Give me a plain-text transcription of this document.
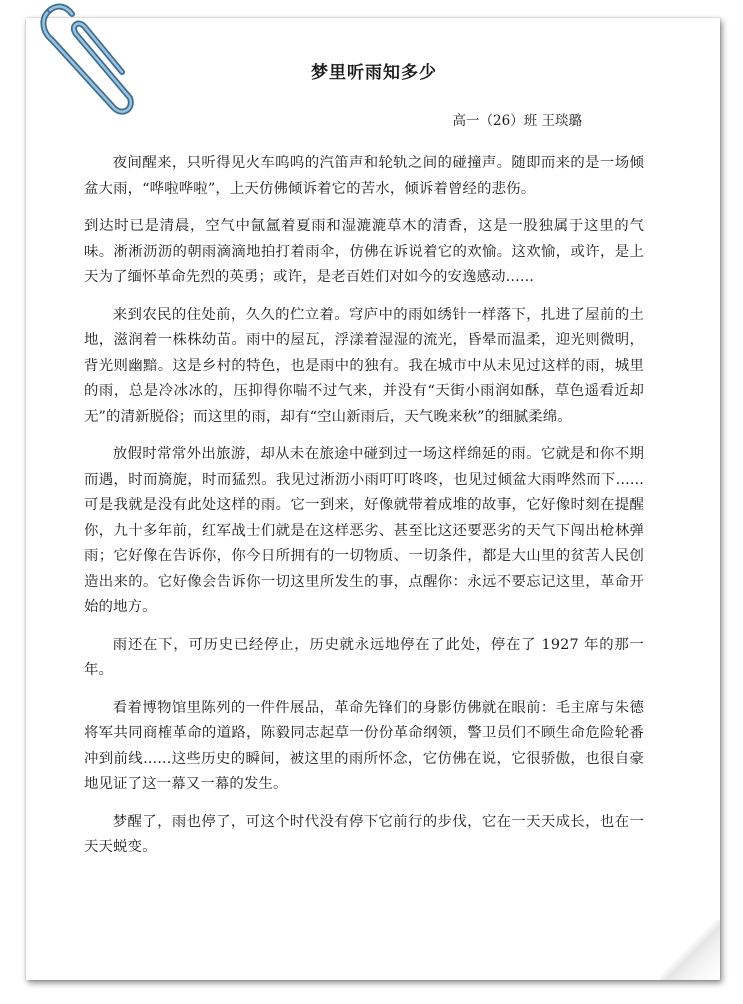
梦里听雨知多少
高一（26）班 王琰璐

夜间醒来，只听得见火车呜呜的汽笛声和轮轨之间的碰撞声。随即而来的是一场倾盆大雨，“哗啦哗啦”，上天仿佛倾诉着它的苦水，倾诉着曾经的悲伤。

到达时已是清晨，空气中氤氲着夏雨和湿漉漉草木的清香，这是一股独属于这里的气味。淅淅沥沥的朝雨滴滴地拍打着雨伞，仿佛在诉说着它的欢愉。这欢愉，或许，是上天为了缅怀革命先烈的英勇；或许，是老百姓们对如今的安逸感动......

来到农民的住处前，久久的伫立着。穹庐中的雨如绣针一样落下，扎进了屋前的土地，滋润着一株株幼苗。雨中的屋瓦，浮漾着湿湿的流光，昏晕而温柔，迎光则微明，背光则幽黯。这是乡村的特色，也是雨中的独有。我在城市中从未见过这样的雨，城里的雨，总是冷冰冰的，压抑得你喘不过气来，并没有“天街小雨润如酥，草色遥看近却无”的清新脱俗；而这里的雨，却有“空山新雨后，天气晚来秋”的细腻柔绵。

放假时常常外出旅游，却从未在旅途中碰到过一场这样绵延的雨。它就是和你不期而遇，时而旖旎，时而猛烈。我见过淅沥小雨叮叮咚咚，也见过倾盆大雨哗然而下......可是我就是没有此处这样的雨。它一到来，好像就带着成堆的故事，它好像时刻在提醒你，九十多年前，红军战士们就是在这样恶劣、甚至比这还要恶劣的天气下闯出枪林弹雨；它好像在告诉你，你今日所拥有的一切物质、一切条件，都是大山里的贫苦人民创造出来的。它好像会告诉你一切这里所发生的事，点醒你：永远不要忘记这里，革命开始的地方。

雨还在下，可历史已经停止，历史就永远地停在了此处，停在了 1927 年的那一年。

看着博物馆里陈列的一件件展品，革命先锋们的身影仿佛就在眼前：毛主席与朱德将军共同商榷革命的道路，陈毅同志起草一份份革命纲领，警卫员们不顾生命危险轮番冲到前线......这些历史的瞬间，被这里的雨所怀念，它仿佛在说，它很骄傲，也很自豪地见证了这一幕又一幕的发生。

梦醒了，雨也停了，可这个时代没有停下它前行的步伐，它在一天天成长，也在一天天蜕变。
